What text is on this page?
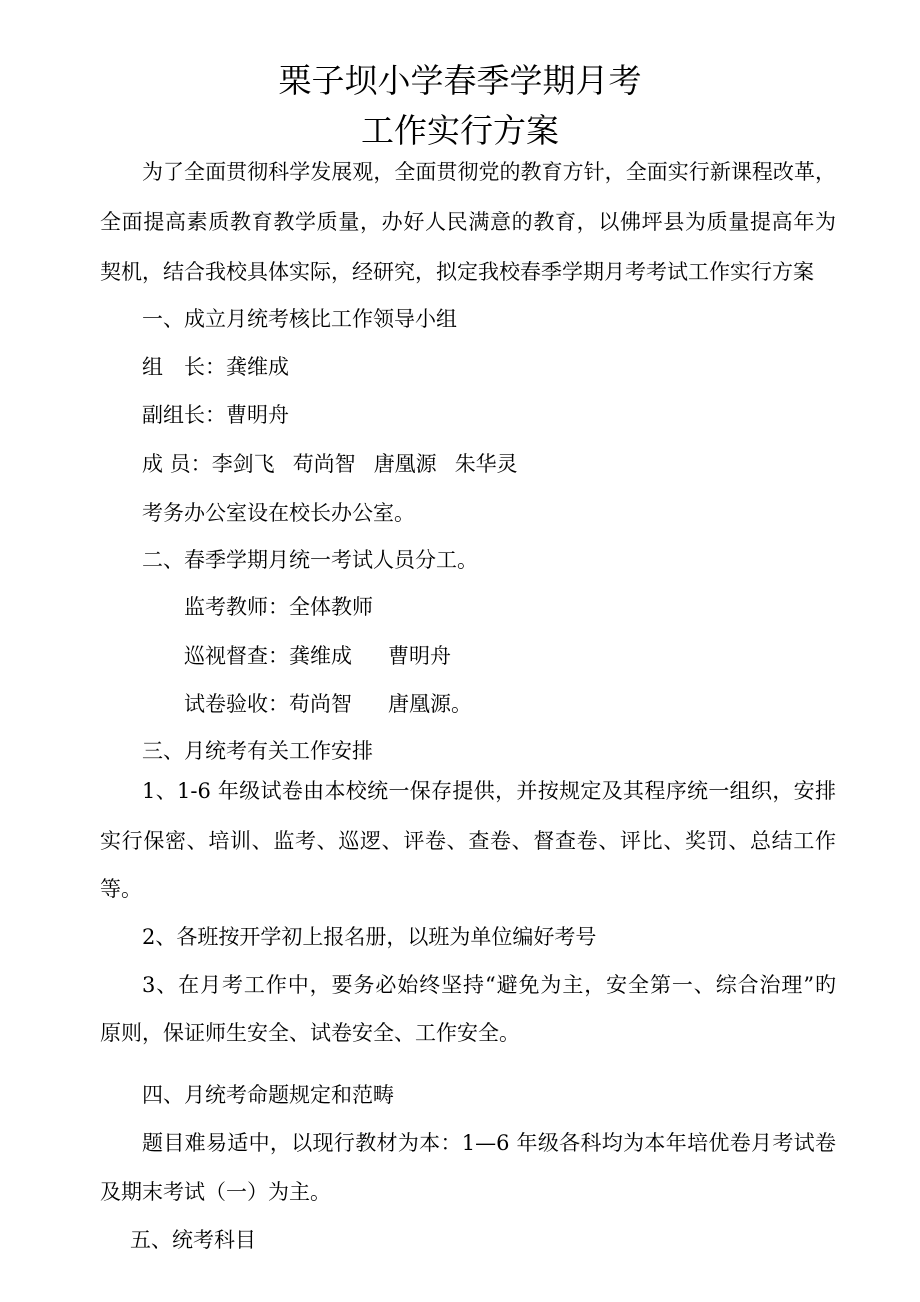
栗子坝小学春季学期月考
工作实行方案
为了全面贯彻科学发展观，全面贯彻党的教育方针，全面实行新课程改革，
全面提高素质教育教学质量，办好人民满意的教育，以佛坪县为质量提高年为
契机，结合我校具体实际，经研究，拟定我校春季学期月考考试工作实行方案
一、成立月统考核比工作领导小组
组　长：龚维成
副组长：曹明舟
成 员：李剑飞 苟尚智 唐凰源 朱华灵
考务办公室设在校长办公室。
二、春季学期月统一考试人员分工。
监考教师：全体教师
巡视督查：龚维成 曹明舟
试卷验收：苟尚智 唐凰源。
三、月统考有关工作安排
1、1-6 年级试卷由本校统一保存提供，并按规定及其程序统一组织，安排
实行保密、培训、监考、巡逻、评卷、查卷、督查卷、评比、奖罚、总结工作
等。
2、各班按开学初上报名册，以班为单位编好考号
3、在月考工作中，要务必始终坚持“避免为主，安全第一、综合治理”旳
原则，保证师生安全、试卷安全、工作安全。
四、月统考命题规定和范畴
题目难易适中，以现行教材为本：1—6 年级各科均为本年培优卷月考试卷
及期末考试（一）为主。
五、统考科目
